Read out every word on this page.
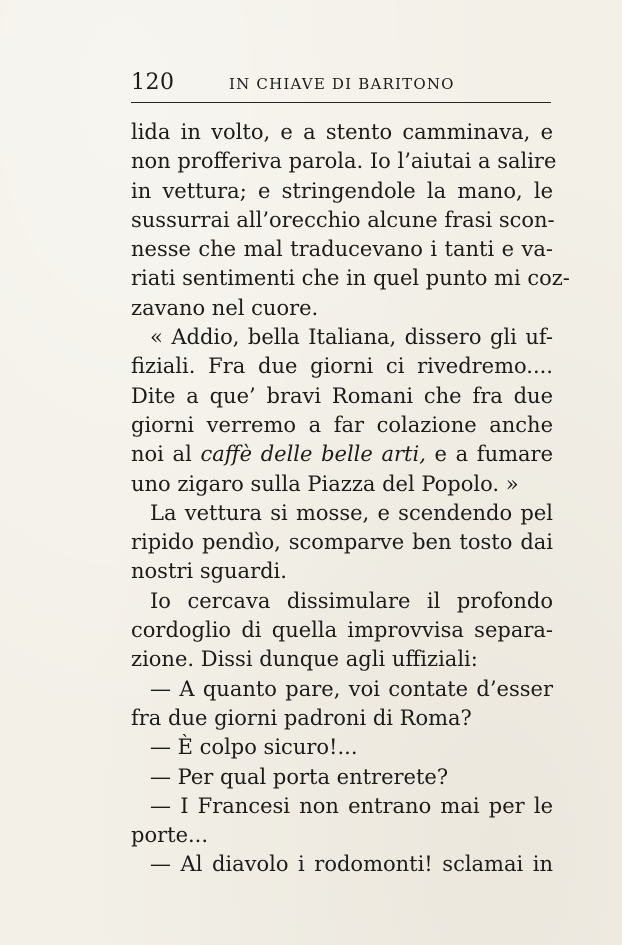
120	IN CHIAVE DI BARITONO
lida in volto, e a stento camminava, e
non profferiva parola. Io l’aiutai a salire
in vettura; e stringendole la mano, le
sussurrai all’orecchio alcune frasi scon-
nesse che mal traducevano i tanti e va-
riati sentimenti che in quel punto mi coz-
zavano nel cuore.
« Addio, bella Italiana, dissero gli uf-
fiziali. Fra due giorni ci rivedremo....
Dite a que’ bravi Romani che fra due
giorni verremo a far colazione anche
noi al caffè delle belle arti, e a fumare
uno zigaro sulla Piazza del Popolo. »
La vettura si mosse, e scendendo pel
ripido pendìo, scomparve ben tosto dai
nostri sguardi.
Io cercava dissimulare il profondo
cordoglio di quella improvvisa separa-
zione. Dissi dunque agli uffiziali:
— A quanto pare, voi contate d’esser
fra due giorni padroni di Roma?
— È colpo sicuro!...
— Per qual porta entrerete?
— I Francesi non entrano mai per le
porte...
— Al diavolo i rodomonti! sclamai in
